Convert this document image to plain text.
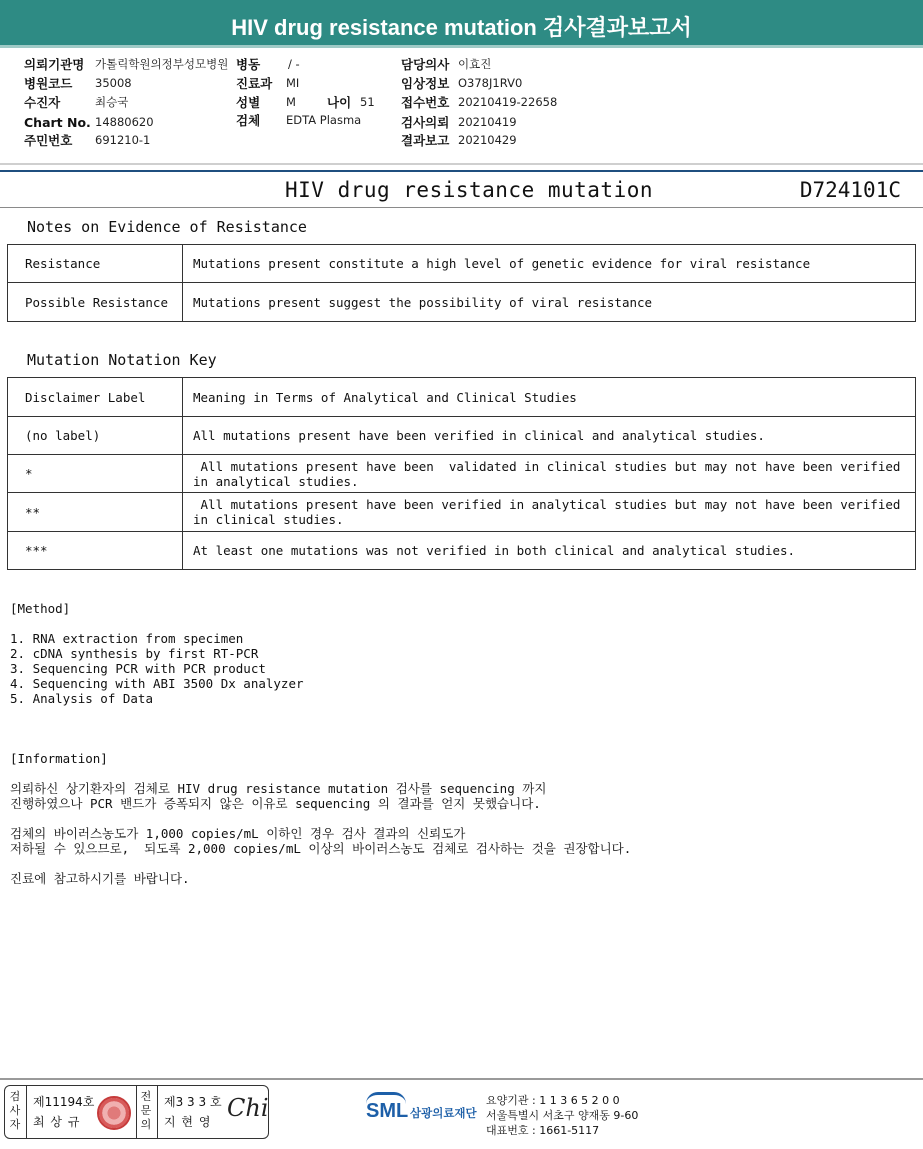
HIV drug resistance mutation 검사결과보고서
의뢰기관명 가톨릭학원의정부성모병원 병동 / -	담당의사 이효진
병원코드 35008	진료과 MI	임상정보 O378J1RV0
수진자	최승국	성별 M 나이 51 접수번호 20210419-22658
Chart No. 14880620	검체 EDTA Plasma	검사의뢰 20210419
주민번호 691210-1	결과보고 20210429
HIV drug resistance mutation	D724101C
Notes on Evidence of Resistance
Resistance	Mutations present constitute a high level of genetic evidence for viral resistance
Possible Resistance	Mutations present suggest the possibility of viral resistance
Mutation Notation Key
Disclaimer Label	Meaning in Terms of Analytical and Clinical Studies
(no label)	All mutations present have been verified in clinical and analytical studies.
*	All mutations present have been  validated in clinical studies but may not have been verified
in analytical studies.
**	All mutations present have been verified in analytical studies but may not have been verified
in clinical studies.
***	At least one mutations was not verified in both clinical and analytical studies.
[Method]
1. RNA extraction from specimen
2. cDNA synthesis by first RT-PCR
3. Sequencing PCR with PCR product
4. Sequencing with ABI 3500 Dx analyzer
5. Analysis of Data
[Information]
의뢰하신 상기환자의 검체로 HIV drug resistance mutation 검사를 sequencing 까지
진행하였으나 PCR 밴드가 증폭되지 않은 이유로 sequencing 의 결과를 얻지 못했습니다.
검체의 바이러스농도가 1,000 copies/mL 이하인 경우 검사 결과의 신뢰도가
저하될 수 있으므로,  되도록 2,000 copies/mL 이상의 바이러스농도 검체로 검사하는 것을 권장합니다.
진료에 참고하시기를 바랍니다.
검
사
자
제11194호
최 상 규
전
문
의
제3 3 3 호
지 현 영 Chi	SML 삼광의료재단
요양기관 : 1 1 3 6 5 2 0 0
서울특별시 서초구 양재동 9-60
대표번호 : 1661-5117
